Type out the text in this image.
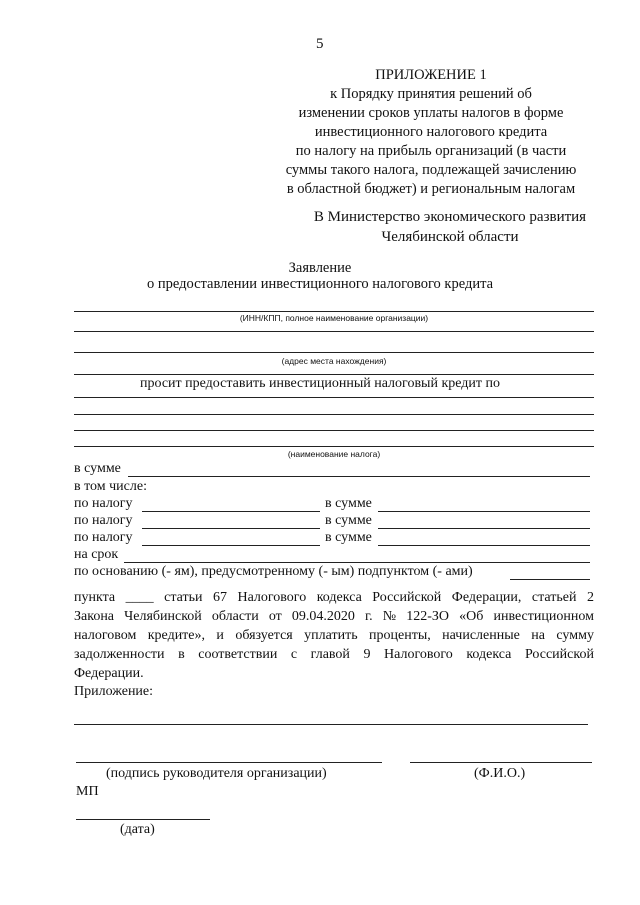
5
ПРИЛОЖЕНИЕ 1
к Порядку принятия решений об
изменении сроков уплаты налогов в форме
инвестиционного налогового кредита
по налогу на прибыль организаций (в части
суммы такого налога, подлежащей зачислению
в областной бюджет) и региональным налогам
В Министерство экономического развития
Челябинской области
Заявление
о предоставлении инвестиционного налогового кредита
(ИНН/КПП, полное наименование организации)
(адрес места нахождения)
просит предоставить инвестиционный налоговый кредит по
(наименование налога)
в сумме
в том числе:
по налогу	в сумме
по налогу	в сумме
по налогу	в сумме
на срок
по основанию (- ям), предусмотренному (- ым) подпунктом (- ами)
пункта ____ статьи 67 Налогового кодекса Российской Федерации, статьей 2
Закона Челябинской области от 09.04.2020 г. № 122-ЗО «Об инвестиционном
налоговом кредите», и обязуется уплатить проценты, начисленные на сумму
задолженности в соответствии с главой 9 Налогового кодекса Российской
Федерации.
Приложение:
(подпись руководителя организации)	(Ф.И.О.)
МП
(дата)
